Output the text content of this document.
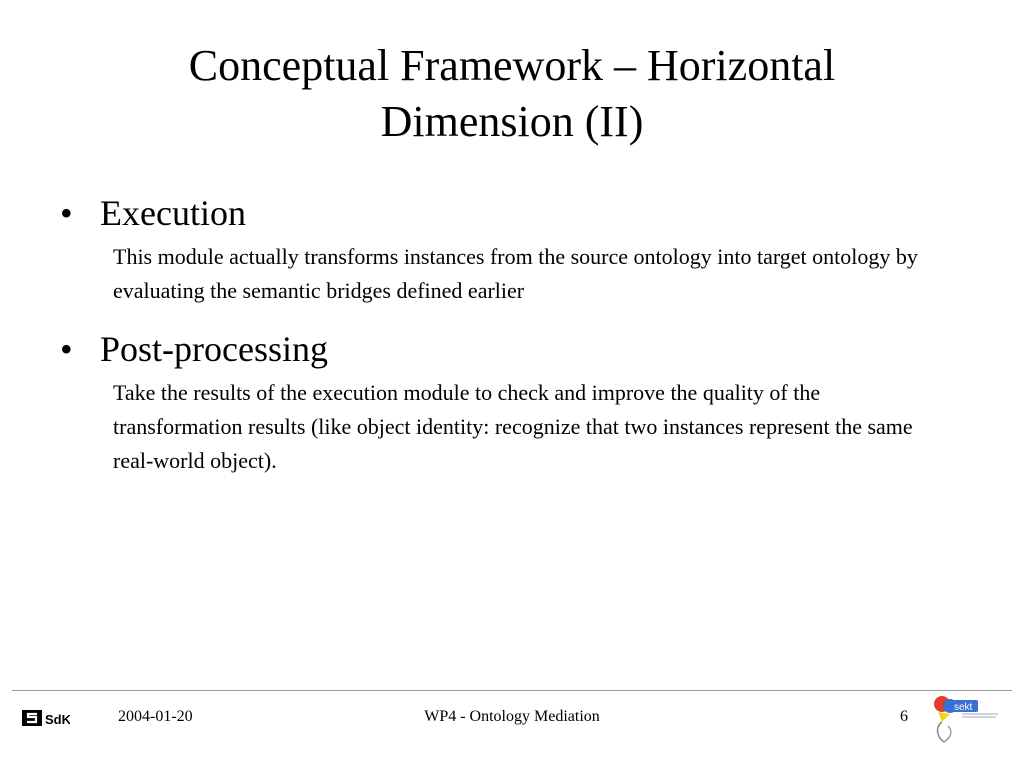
Conceptual Framework – Horizontal
Dimension (II)
• Execution

This module actually transforms instances from the source ontology into target ontology by evaluating the semantic bridges defined earlier

• Post-processing

Take the results of the execution module to check and improve the quality of the transformation results (like object identity: recognize that two instances represent the same real-world object).

SdK	2004-01-20	WP4 - Ontology Mediation	6
sekt
